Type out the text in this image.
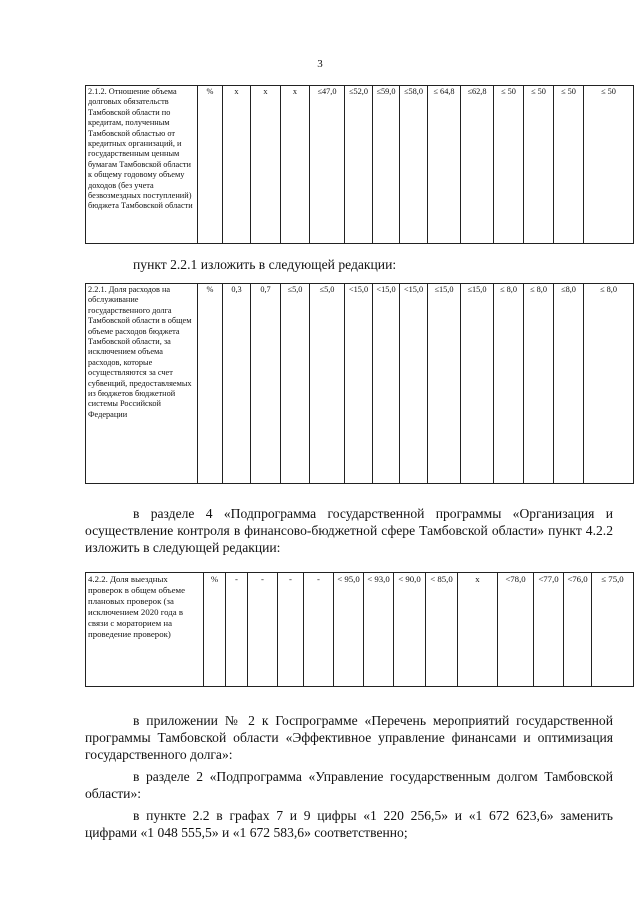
3
2.1.2. Отношение объема долговых обязательств Тамбовской области по кредитам, полученным Тамбовской областью от кредитных организаций, и государственным ценным бумагам Тамбовской области к общему годовому объему доходов (без учета безвозмездных поступлений) бюджета Тамбовской области	%	x	x	x	≤47,0	≤52,0	≤59,0	≤58,0	≤ 64,8	≤62,8	≤ 50	≤ 50	≤ 50	≤ 50
пункт 2.2.1 изложить в следующей редакции:
2.2.1. Доля расходов на обслуживание государственного долга Тамбовской области в общем объеме расходов бюджета Тамбовской области, за исключением объема расходов, которые осуществляются за счет субвенций, предоставляемых из бюджетов бюджетной системы Российской Федерации	%	0,3	0,7	≤5,0	≤5,0	<15,0	<15,0	<15,0	≤15,0	≤15,0	≤ 8,0	≤ 8,0	≤8,0	≤ 8,0
в разделе 4 «Подпрограмма государственной программы «Организация и осуществление контроля в финансово-бюджетной сфере Тамбовской области» пункт 4.2.2 изложить в следующей редакции:
4.2.2. Доля выездных проверок в общем объеме плановых проверок (за исключением 2020 года в связи с мораторием на проведение проверок)	%	-	-	-	-	< 95,0	< 93,0	< 90,0	< 85,0	x	<78,0	<77,0	<76,0	≤ 75,0
в приложении № 2 к Госпрограмме «Перечень мероприятий государственной программы Тамбовской области «Эффективное управление финансами и оптимизация государственного долга»:
в разделе 2 «Подпрограмма «Управление государственным долгом Тамбовской области»:
в пункте 2.2 в графах 7 и 9 цифры «1 220 256,5» и «1 672 623,6» заменить цифрами «1 048 555,5» и «1 672 583,6» соответственно;
